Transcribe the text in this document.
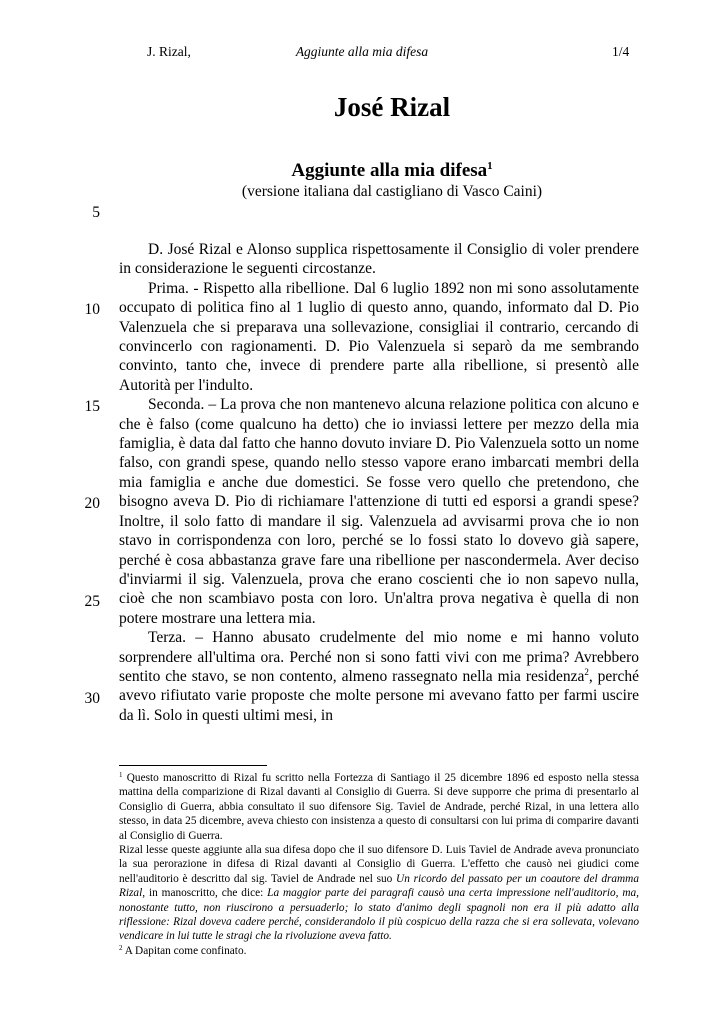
J. Rizal,	Aggiunte alla mia difesa	1/4
José Rizal
Aggiunte alla mia difesa$^1$
(versione italiana dal castigliano di Vasco Caini)
5
10
15
20
25
30

D. José Rizal e Alonso supplica rispettosamente il Consiglio di voler prendere in considerazione le seguenti circostanze.

Prima. - Rispetto alla ribellione. Dal 6 luglio 1892 non mi sono assolutamente occupato di politica fino al 1 luglio di questo anno, quando, informato dal D. Pio Valenzuela che si preparava una sollevazione, consigliai il contrario, cercando di convincerlo con ragionamenti. D. Pio Valenzuela si separò da me sembrando convinto, tanto che, invece di prendere parte alla ribellione, si presentò alle Autorità per l'indulto.

Seconda. – La prova che non mantenevo alcuna relazione politica con alcuno e che è falso (come qualcuno ha detto) che io inviassi lettere per mezzo della mia famiglia, è data dal fatto che hanno dovuto inviare D. Pio Valenzuela sotto un nome falso, con grandi spese, quando nello stesso vapore erano imbarcati membri della mia famiglia e anche due domestici. Se fosse vero quello che pretendono, che bisogno aveva D. Pio di richiamare l'attenzione di tutti ed esporsi a grandi spese? Inoltre, il solo fatto di mandare il sig. Valenzuela ad avvisarmi prova che io non stavo in corrispondenza con loro, perché se lo fossi stato lo dovevo già sapere, perché è cosa abbastanza grave fare una ribellione per nascondermela. Aver deciso d'inviarmi il sig. Valenzuela, prova che erano coscienti che io non sapevo nulla, cioè che non scambiavo posta con loro. Un'altra prova negativa è quella di non potere mostrare una lettera mia.

Terza. – Hanno abusato crudelmente del mio nome e mi hanno voluto sorprendere all'ultima ora. Perché non si sono fatti vivi con me prima? Avrebbero sentito che stavo, se non contento, almeno rassegnato nella mia residenza$^2$, perché avevo rifiutato varie proposte che molte persone mi avevano fatto per farmi uscire da lì. Solo in questi ultimi mesi, in

$^1$ Questo manoscritto di Rizal fu scritto nella Fortezza di Santiago il 25 dicembre 1896 ed esposto nella stessa mattina della comparizione di Rizal davanti al Consiglio di Guerra. Si deve supporre che prima di presentarlo al Consiglio di Guerra, abbia consultato il suo difensore Sig. Taviel de Andrade, perché Rizal, in una lettera allo stesso, in data 25 dicembre, aveva chiesto con insistenza a questo di consultarsi con lui prima di comparire davanti al Consiglio di Guerra.

Rizal lesse queste aggiunte alla sua difesa dopo che il suo difensore D. Luis Taviel de Andrade aveva pronunciato la sua perorazione in difesa di Rizal davanti al Consiglio di Guerra. L'effetto che causò nei giudici come nell'auditorio è descritto dal sig. Taviel de Andrade nel suo Un ricordo del passato per un coautore del dramma Rizal, in manoscritto, che dice: La maggior parte dei paragrafi causò una certa impressione nell'auditorio, ma, nonostante tutto, non riuscirono a persuaderlo; lo stato d'animo degli spagnoli non era il più adatto alla riflessione: Rizal doveva cadere perché, considerandolo il più cospicuo della razza che si era sollevata, volevano vendicare in lui tutte le stragi che la rivoluzione aveva fatto.

$^2$ A Dapitan come confinato.
